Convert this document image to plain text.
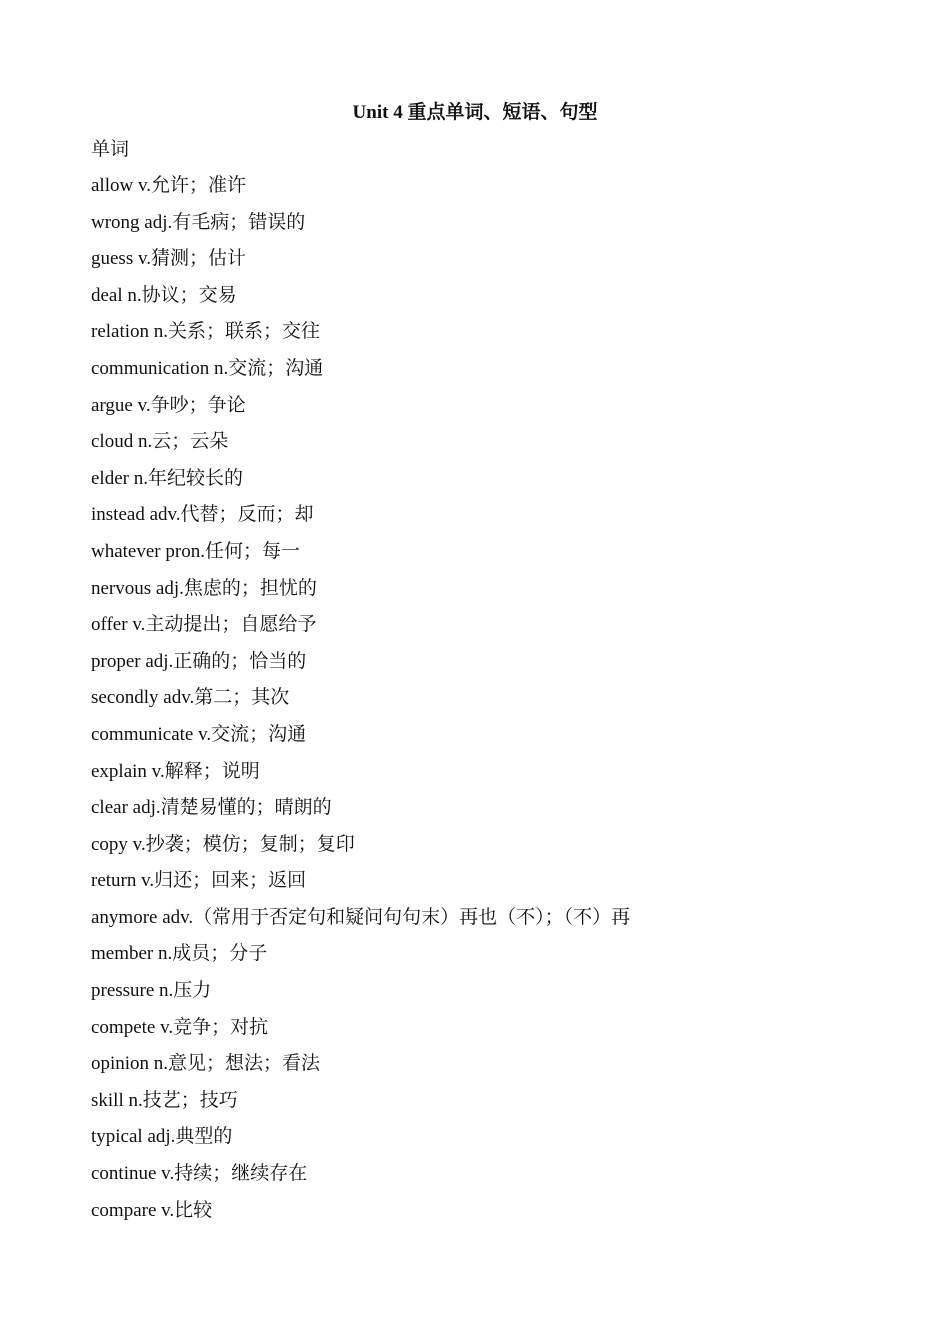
Unit 4 重点单词、短语、句型
单词
allow v.允许；准许
wrong adj.有毛病；错误的
guess v.猜测；估计
deal n.协议；交易
relation n.关系；联系；交往
communication n.交流；沟通
argue v.争吵；争论
cloud n.云；云朵
elder n.年纪较长的
instead adv.代替；反而；却
whatever pron.任何；每一
nervous adj.焦虑的；担忧的
offer v.主动提出；自愿给予
proper adj.正确的；恰当的
secondly adv.第二；其次
communicate v.交流；沟通
explain v.解释；说明
clear adj.清楚易懂的；晴朗的
copy v.抄袭；模仿；复制；复印
return v.归还；回来；返回
anymore adv.（常用于否定句和疑问句句末）再也（不）；（不）再
member n.成员；分子
pressure n.压力
compete v.竞争；对抗
opinion n.意见；想法；看法
skill n.技艺；技巧
typical adj.典型的
continue v.持续；继续存在
compare v.比较
